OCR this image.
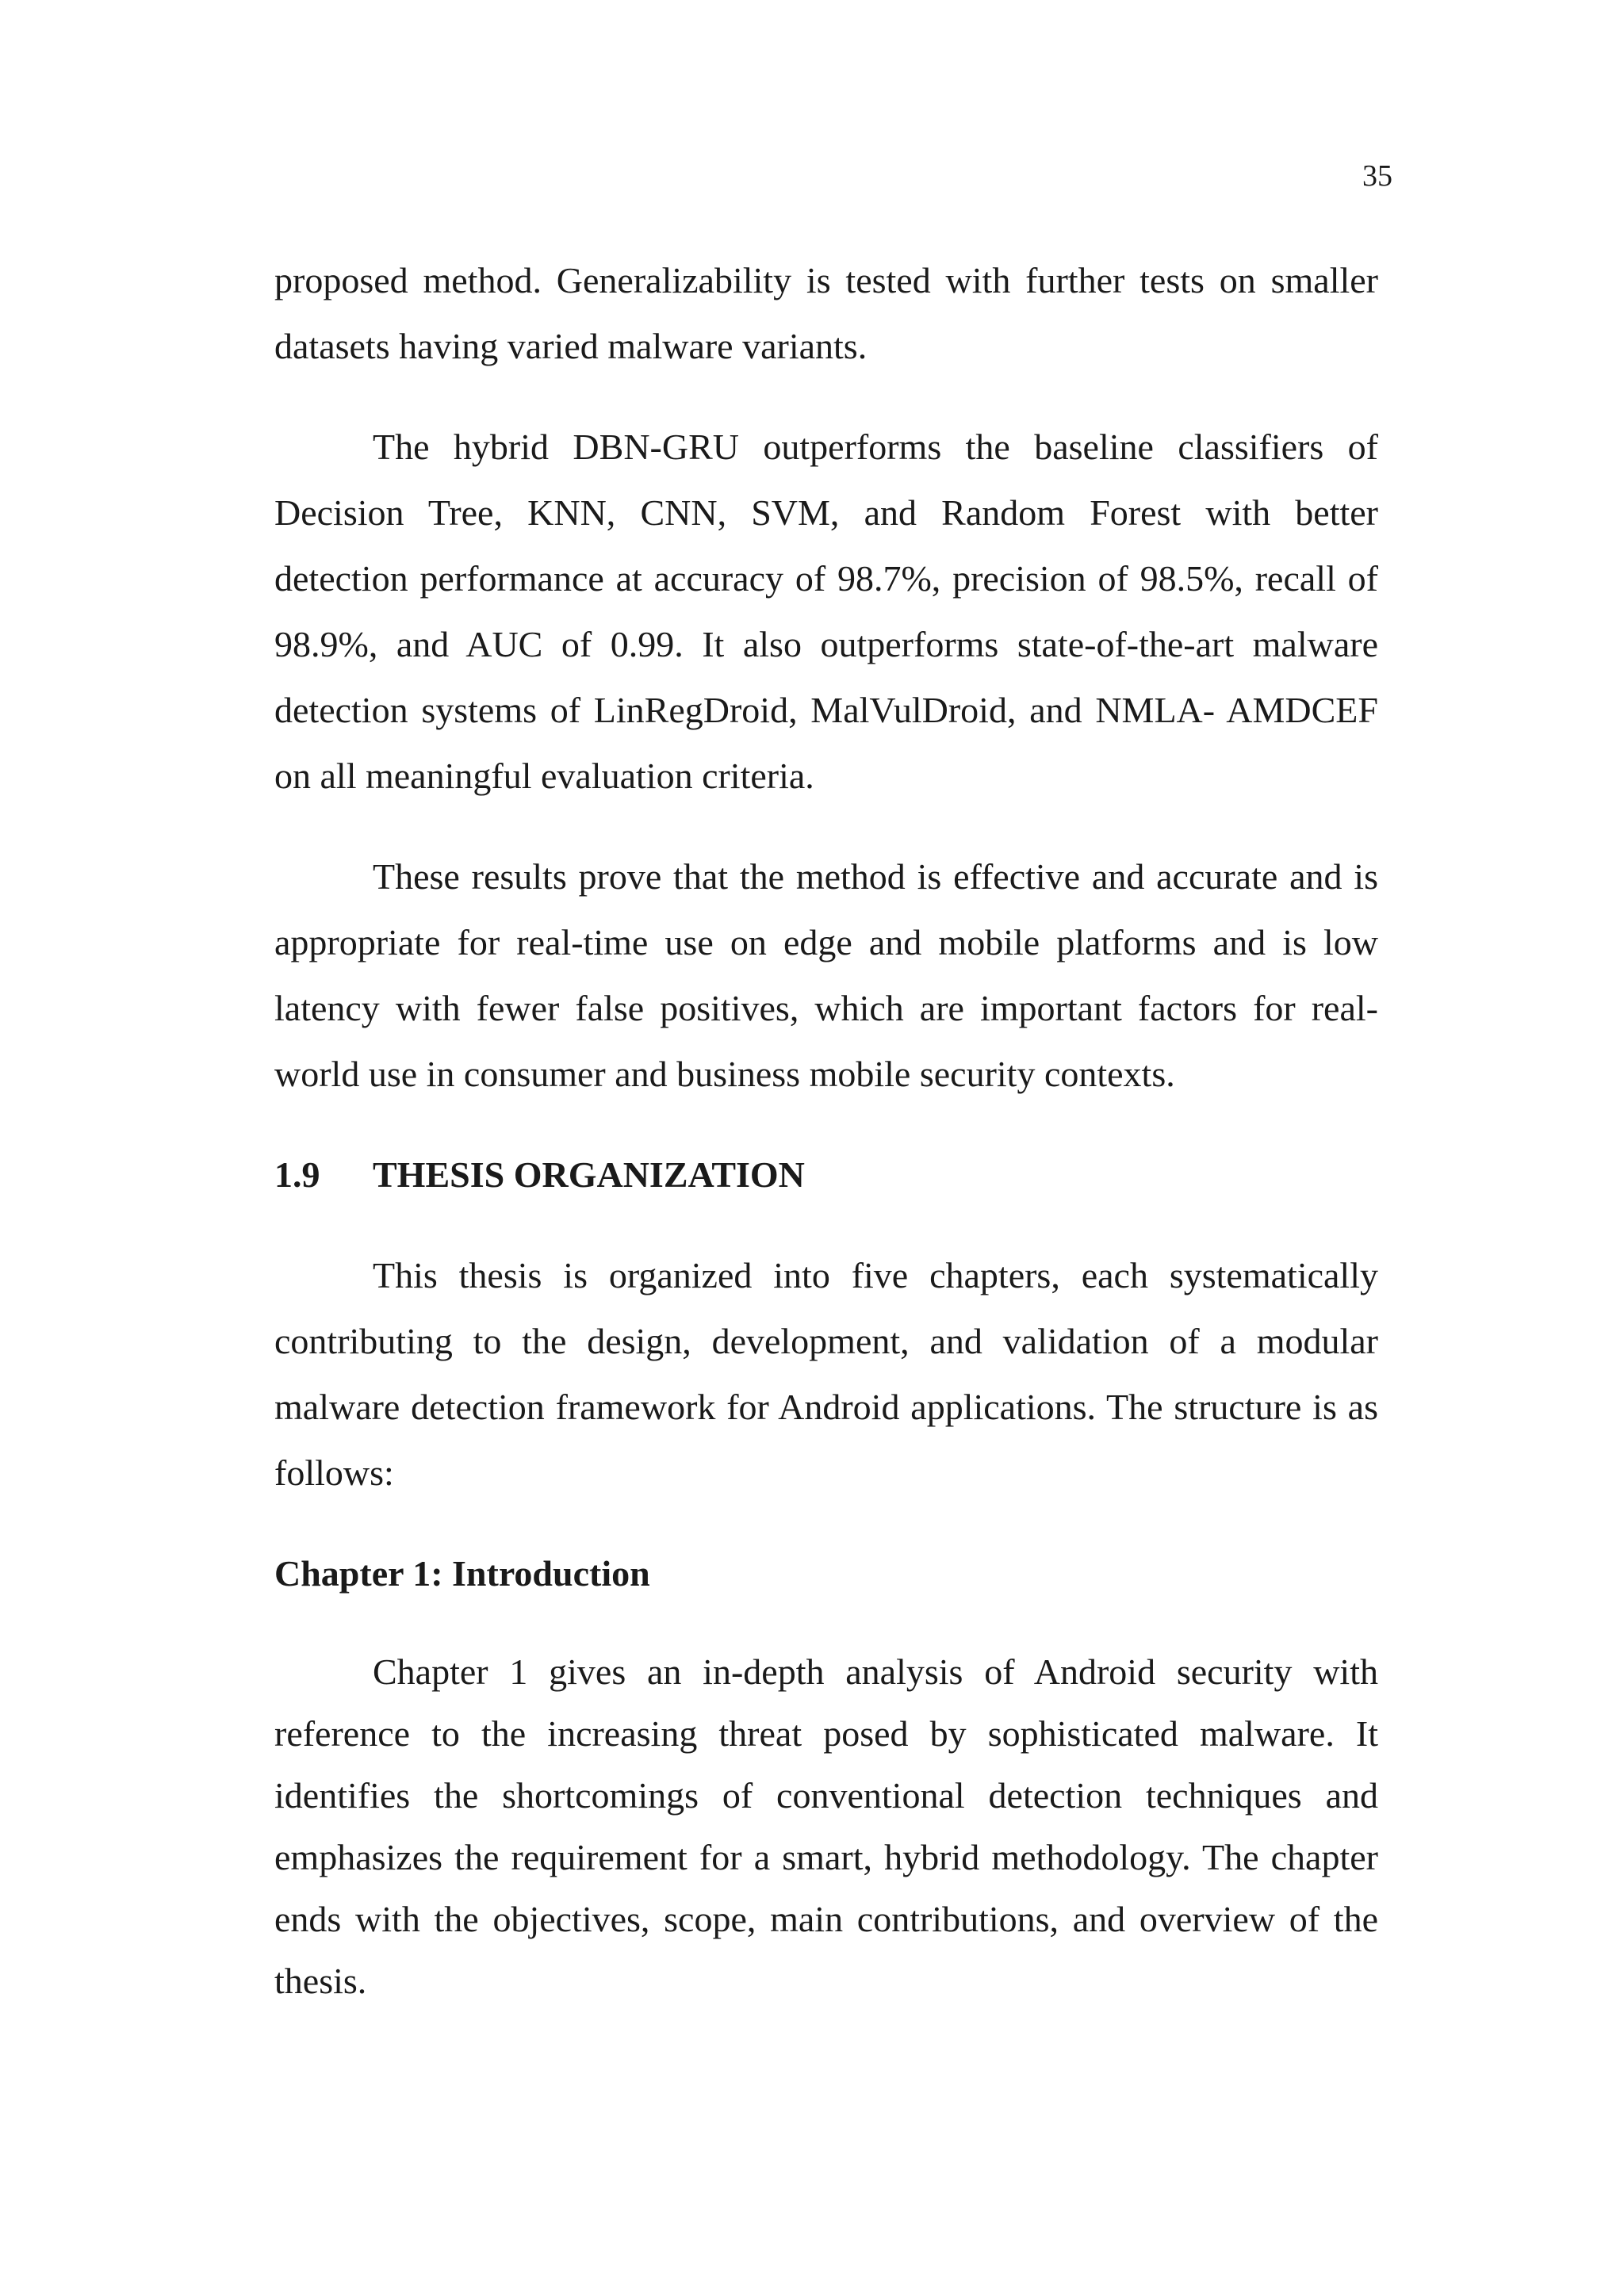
35

proposed method. Generalizability is tested with further tests on smaller datasets having varied malware variants.

The hybrid DBN-GRU outperforms the baseline classifiers of Decision Tree, KNN, CNN, SVM, and Random Forest with better detection performance at accuracy of 98.7%, precision of 98.5%, recall of 98.9%, and AUC of 0.99. It also outperforms state-of-the-art malware detection systems of LinRegDroid, MalVulDroid, and NMLA- AMDCEF on all meaningful evaluation criteria.

These results prove that the method is effective and accurate and is appropriate for real-time use on edge and mobile platforms and is low latency with fewer false positives, which are important factors for real-world use in consumer and business mobile security contexts.

1.9	THESIS ORGANIZATION

This thesis is organized into five chapters, each systematically contributing to the design, development, and validation of a modular malware detection framework for Android applications. The structure is as follows:

Chapter 1: Introduction

Chapter 1 gives an in-depth analysis of Android security with reference to the increasing threat posed by sophisticated malware. It identifies the shortcomings of conventional detection techniques and emphasizes the requirement for a smart, hybrid methodology. The chapter ends with the objectives, scope, main contributions, and overview of the thesis.
